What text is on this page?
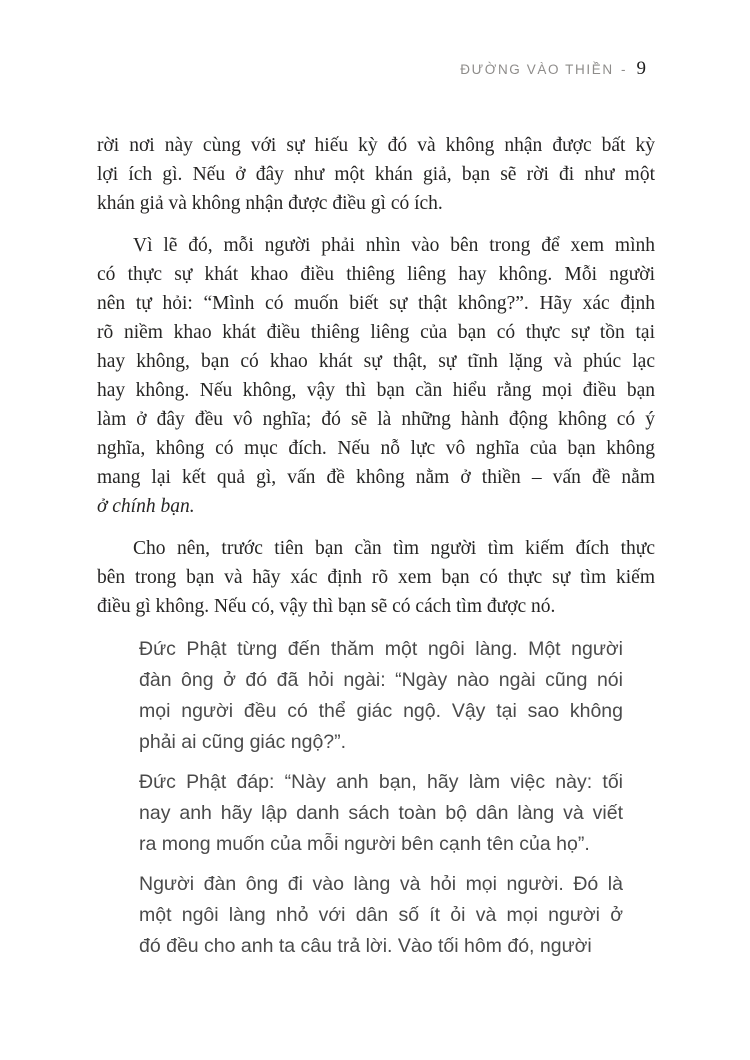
ĐƯỜNG VÀO THIỀN - 9
rời nơi này cùng với sự hiếu kỳ đó và không nhận được bất kỳ
lợi ích gì. Nếu ở đây như một khán giả, bạn sẽ rời đi như một
khán giả và không nhận được điều gì có ích.
Vì lẽ đó, mỗi người phải nhìn vào bên trong để xem mình
có thực sự khát khao điều thiêng liêng hay không. Mỗi người
nên tự hỏi: “Mình có muốn biết sự thật không?”. Hãy xác định
rõ niềm khao khát điều thiêng liêng của bạn có thực sự tồn tại
hay không, bạn có khao khát sự thật, sự tĩnh lặng và phúc lạc
hay không. Nếu không, vậy thì bạn cần hiểu rằng mọi điều bạn
làm ở đây đều vô nghĩa; đó sẽ là những hành động không có ý
nghĩa, không có mục đích. Nếu nỗ lực vô nghĩa của bạn không
mang lại kết quả gì, vấn đề không nằm ở thiền – vấn đề nằm
ở chính bạn.
Cho nên, trước tiên bạn cần tìm người tìm kiếm đích thực
bên trong bạn và hãy xác định rõ xem bạn có thực sự tìm kiếm
điều gì không. Nếu có, vậy thì bạn sẽ có cách tìm được nó.
Đức Phật từng đến thăm một ngôi làng. Một người
đàn ông ở đó đã hỏi ngài: “Ngày nào ngài cũng nói
mọi người đều có thể giác ngộ. Vậy tại sao không
phải ai cũng giác ngộ?”.
Đức Phật đáp: “Này anh bạn, hãy làm việc này: tối
nay anh hãy lập danh sách toàn bộ dân làng và viết
ra mong muốn của mỗi người bên cạnh tên của họ”.
Người đàn ông đi vào làng và hỏi mọi người. Đó là
một ngôi làng nhỏ với dân số ít ỏi và mọi người ở
đó đều cho anh ta câu trả lời. Vào tối hôm đó, người
